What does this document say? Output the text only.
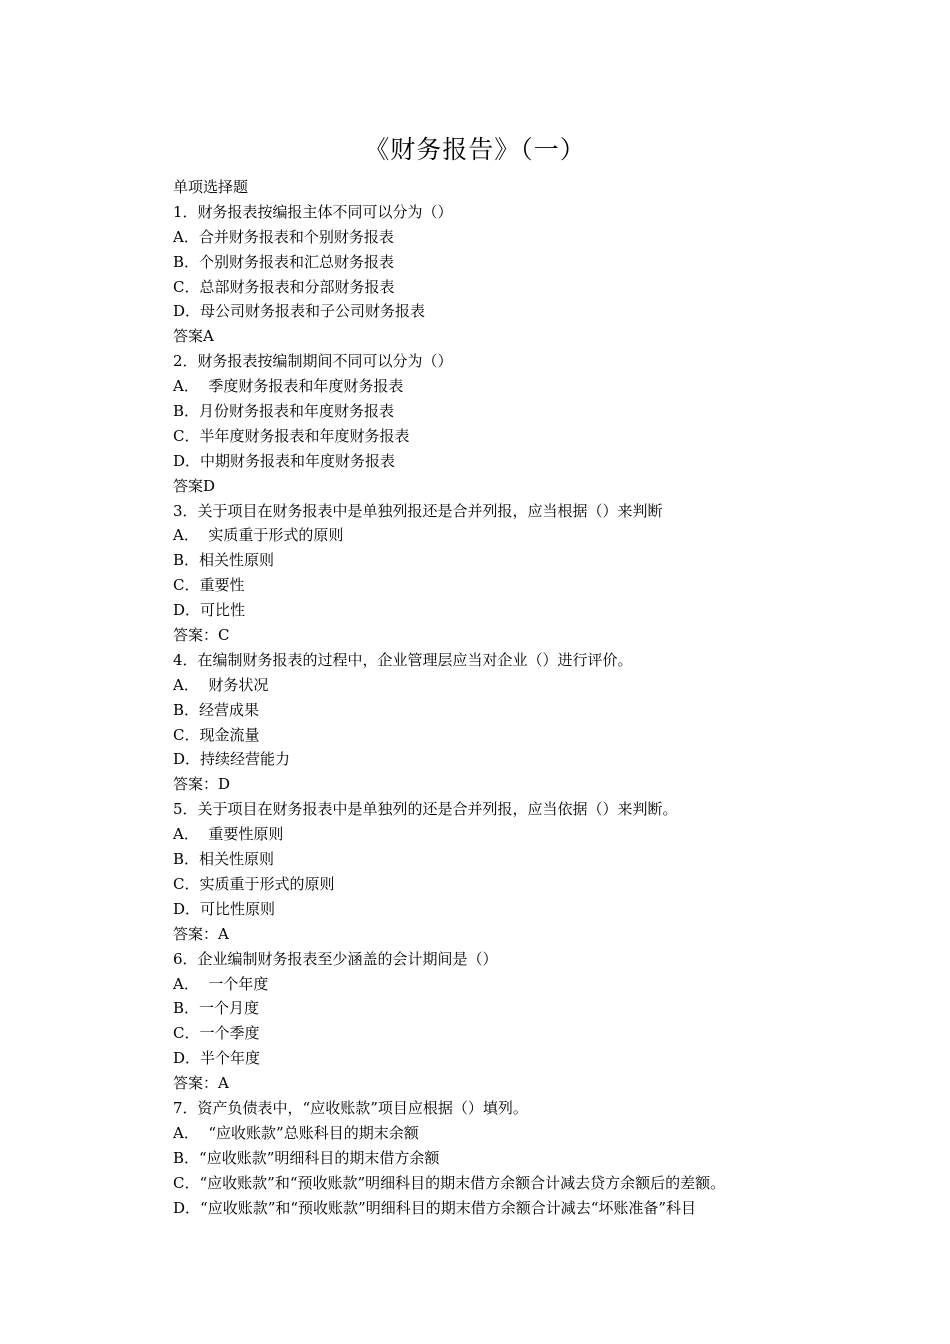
《财务报告》（一）
单项选择题
1．财务报表按编报主体不同可以分为（）
A．合并财务报表和个别财务报表
B．个别财务报表和汇总财务报表
C．总部财务报表和分部财务报表
D．母公司财务报表和子公司财务报表
答案A
2．财务报表按编制期间不同可以分为（）
A．  季度财务报表和年度财务报表
B．月份财务报表和年度财务报表
C．半年度财务报表和年度财务报表
D．中期财务报表和年度财务报表
答案D
3．关于项目在财务报表中是单独列报还是合并列报，应当根据（）来判断
A．  实质重于形式的原则
B．相关性原则
C．重要性
D．可比性
答案：C
4．在编制财务报表的过程中，企业管理层应当对企业（）进行评价。
A．  财务状况
B．经营成果
C．现金流量
D．持续经营能力
答案：D
5．关于项目在财务报表中是单独列的还是合并列报，应当依据（）来判断。
A．  重要性原则
B．相关性原则
C．实质重于形式的原则
D．可比性原则
答案：A
6．企业编制财务报表至少涵盖的会计期间是（）
A．  一个年度
B．一个月度
C．一个季度
D．半个年度
答案：A
7．资产负债表中，“应收账款”项目应根据（）填列。
A．  “应收账款”总账科目的期末余额
B．“应收账款”明细科目的期末借方余额
C．“应收账款”和“预收账款”明细科目的期末借方余额合计减去贷方余额后的差额。
D．“应收账款”和“预收账款”明细科目的期末借方余额合计减去“坏账准备”科目
